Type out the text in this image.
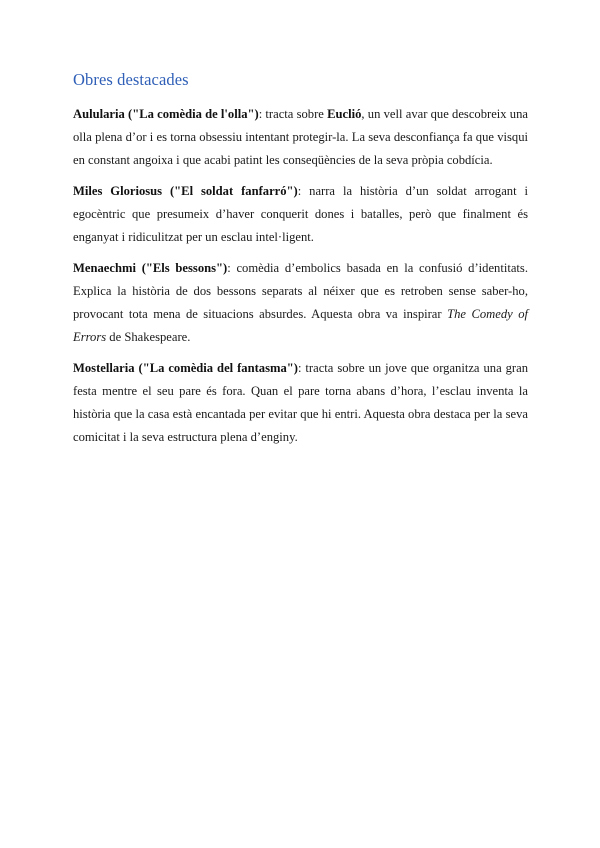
Obres destacades

Aulularia ("La comèdia de l'olla"): tracta sobre Euclió, un vell avar que descobreix una olla plena d’or i es torna obsessiu intentant protegir-la. La seva desconfiança fa que visqui en constant angoixa i que acabi patint les conseqüències de la seva pròpia cobdícia.

Miles Gloriosus ("El soldat fanfarró"): narra la història d’un soldat arrogant i egocèntric que presumeix d’haver conquerit dones i batalles, però que finalment és enganyat i ridiculitzat per un esclau intel·ligent.

Menaechmi ("Els bessons"): comèdia d’embolics basada en la confusió d’identitats. Explica la història de dos bessons separats al néixer que es retroben sense saber-ho, provocant tota mena de situacions absurdes. Aquesta obra va inspirar The Comedy of Errors de Shakespeare.

Mostellaria ("La comèdia del fantasma"): tracta sobre un jove que organitza una gran festa mentre el seu pare és fora. Quan el pare torna abans d’hora, l’esclau inventa la història que la casa està encantada per evitar que hi entri. Aquesta obra destaca per la seva comicitat i la seva estructura plena d’enginy.
